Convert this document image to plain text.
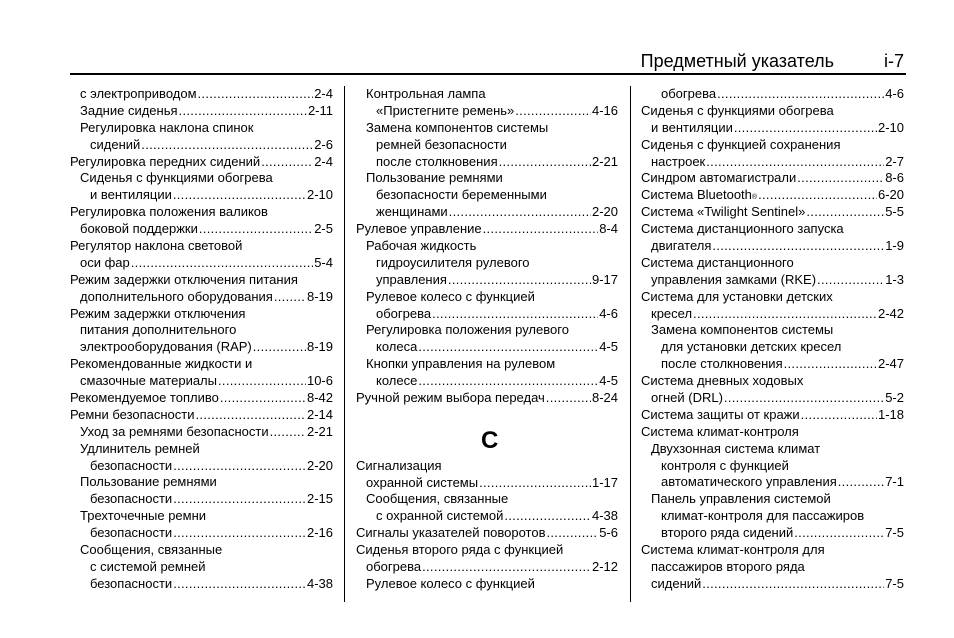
Предметный указатель	i-7
с электроприводом .....	2-4
Задние сиденья .....	2-11
Регулировка наклона спинок
сидений .....	2-6
Регулировка передних сидений .....	2-4
Сиденья с функциями обогрева
и вентиляции .....	2-10
Регулировка положения валиков
боковой поддержки .....	2-5
Регулятор наклона световой
оси фар .....	5-4
Режим задержки отключения питания
дополнительного оборудования .....	8-19
Режим задержки отключения
питания дополнительного
электрооборудования (RAP) .....	8-19
Рекомендованные жидкости и
смазочные материалы .....	10-6
Рекомендуемое топливо .....	8-42
Ремни безопасности .....	2-14
Уход за ремнями безопасности .....	2-21
Удлинитель ремней
безопасности .....	2-20
Пользование ремнями
безопасности .....	2-15
Трехточечные ремни
безопасности .....	2-16
Сообщения, связанные
с системой ремней
безопасности .....	4-38
Контрольная лампа
«Пристегните ремень» .....	4-16
Замена компонентов системы
ремней безопасности
после столкновения .....	2-21
Пользование ремнями
безопасности беременными
женщинами .....	2-20
Рулевое управление .....	8-4
Рабочая жидкость
гидроусилителя рулевого
управления .....	9-17
Рулевое колесо с функцией
обогрева .....	4-6
Регулировка положения рулевого
колеса .....	4-5
Кнопки управления на рулевом
колесе .....	4-5
Ручной режим выбора передач .....	8-24
С
Сигнализация
охранной системы .....	1-17
Сообщения, связанные
с охранной системой .....	4-38
Сигналы указателей поворотов .....	5-6
Сиденья второго ряда с функцией
обогрева .....	2-12
Рулевое колесо с функцией
обогрева .....	4-6
Сиденья с функциями обогрева
и вентиляции .....	2-10
Сиденья с функцией сохранения
настроек .....	2-7
Синдром автомагистрали .....	8-6
Система Bluetooth ® .....	6-20
Система «Twilight Sentinel» .....	5-5
Система дистанционного запуска
двигателя .....	1-9
Система дистанционного
управления замками (RKE) .....	1-3
Система для установки детских
кресел .....	2-42
Замена компонентов системы
для установки детских кресел
после столкновения .....	2-47
Система дневных ходовых
огней (DRL) .....	5-2
Система защиты от кражи .....	1-18
Система климат-контроля
Двухзонная система климат
контроля с функцией
автоматического управления .....	7-1
Панель управления системой
климат-контроля для пассажиров
второго ряда сидений .....	7-5
Система климат-контроля для
пассажиров второго ряда
сидений .....	7-5
